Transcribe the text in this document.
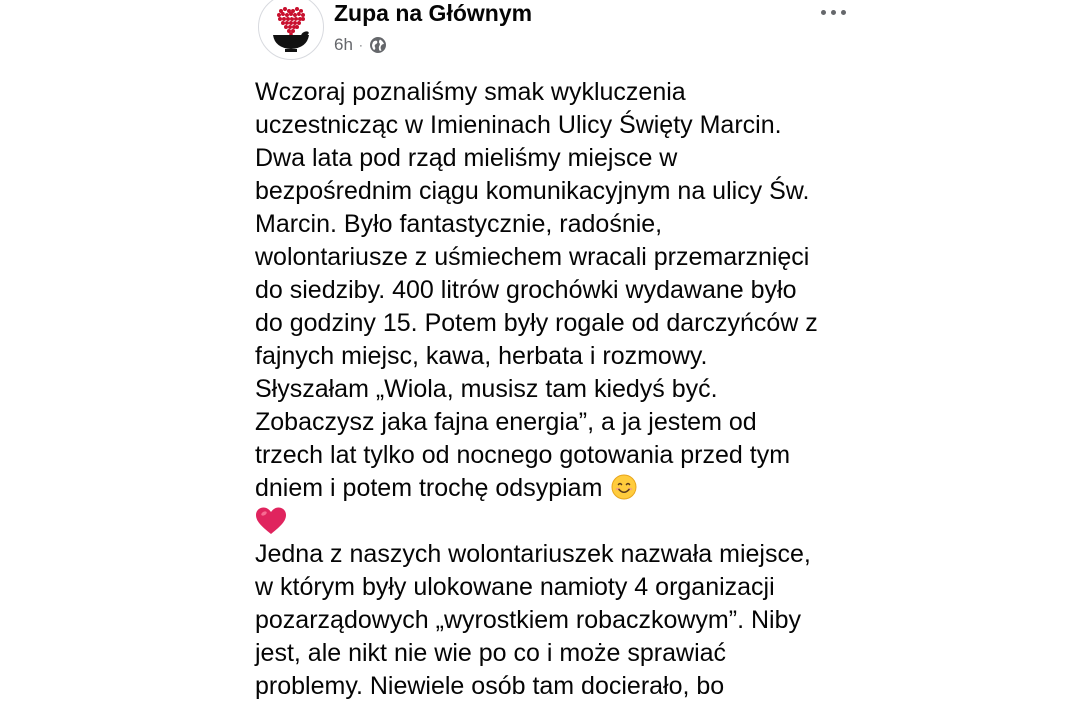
Zupa na Głównym
6h ·
Wczoraj poznaliśmy smak wykluczenia
uczestnicząc w Imieninach Ulicy Święty Marcin.
Dwa lata pod rząd mieliśmy miejsce w
bezpośrednim ciągu komunikacyjnym na ulicy Św.
Marcin. Było fantastycznie, radośnie,
wolontariusze z uśmiechem wracali przemarznięci
do siedziby. 400 litrów grochówki wydawane było
do godziny 15. Potem były rogale od darczyńców z
fajnych miejsc, kawa, herbata i rozmowy.
Słyszałam „Wiola, musisz tam kiedyś być.
Zobaczysz jaka fajna energia”, a ja jestem od
trzech lat tylko od nocnego gotowania przed tym
dniem i potem trochę odsypiam
Jedna z naszych wolontariuszek nazwała miejsce,
w którym były ulokowane namioty 4 organizacji
pozarządowych „wyrostkiem robaczkowym”. Niby
jest, ale nikt nie wie po co i może sprawiać
problemy. Niewiele osób tam docierało, bo
